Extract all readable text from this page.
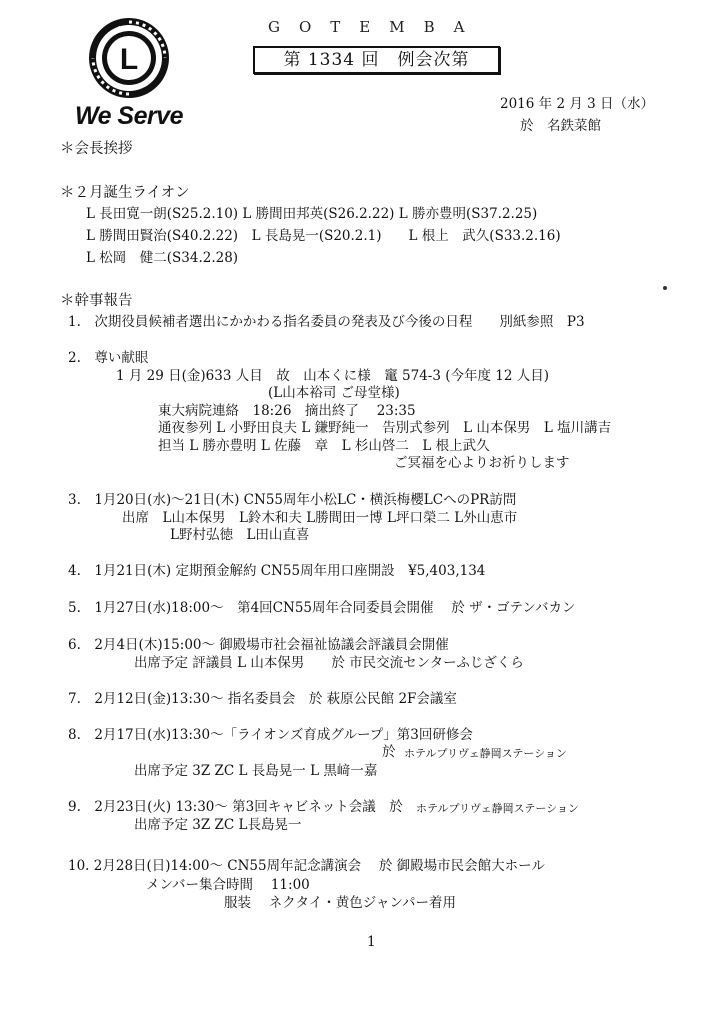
L
LIONS
We Serve
GOTEMBA
第 1334 回　例会次第
2016 年 2 月 3 日（水）
於　名鉄菜館
＊会長挨拶
＊２月誕生ライオン
L 長田寛一朗(S25.2.10) L 勝間田邦英(S26.2.22) L 勝亦豊明(S37.2.25)
L 勝間田賢治(S40.2.22)　L 長島晃一(S20.2.1)　　L 根上　武久(S33.2.16)
L 松岡　健二(S34.2.28)
＊幹事報告
1.　次期役員候補者選出にかかわる指名委員の発表及び今後の日程　　別紙参照　P3
2.　尊い献眼
1 月 29 日(金)633 人目　故　山本くに様　竃 574-3 (今年度 12 人目)
(L山本裕司 ご母堂様)
東大病院連絡　18:26　摘出終了　 23:35
通夜参列 L 小野田良夫 L 鎌野純一　告別式参列　L 山本保男　L 塩川講吉
担当 L 勝亦豊明 L 佐藤　章　L 杉山啓二　L 根上武久
ご冥福を心よりお祈りします
3.　1月20日(水)～21日(木) CN55周年小松LC・横浜梅櫻LCへのPR訪問
出席　L山本保男　L鈴木和夫 L勝間田一博 L坪口榮二 L外山恵市
L野村弘徳　L田山直喜
4.　1月21日(木) 定期預金解約 CN55周年用口座開設　¥5,403,134
5.　1月27日(水)18:00～　第4回CN55周年合同委員会開催　 於 ザ・ゴテンバカン
6.　2月4日(木)15:00～ 御殿場市社会福祉協議会評議員会開催
出席予定 評議員 L 山本保男　　於 市民交流センターふじざくら
7.　2月12日(金)13:30～ 指名委員会　於 萩原公民館 2F会議室
8.　2月17日(水)13:30～「ライオンズ育成グループ」第3回研修会
於 ホテルプリヴェ静岡ステーション
出席予定 3Z ZC L 長島晃一 L 黒﨑一嘉
9.　2月23日(火) 13:30～ 第3回キャビネット会議　於 ホテルプリヴェ静岡ステーション
出席予定 3Z ZC L長島晃一
10. 2月28日(日)14:00～ CN55周年記念講演会　 於 御殿場市民会館大ホール
メンバー集合時間　 11:00
服装　 ネクタイ・黄色ジャンパー着用
1
